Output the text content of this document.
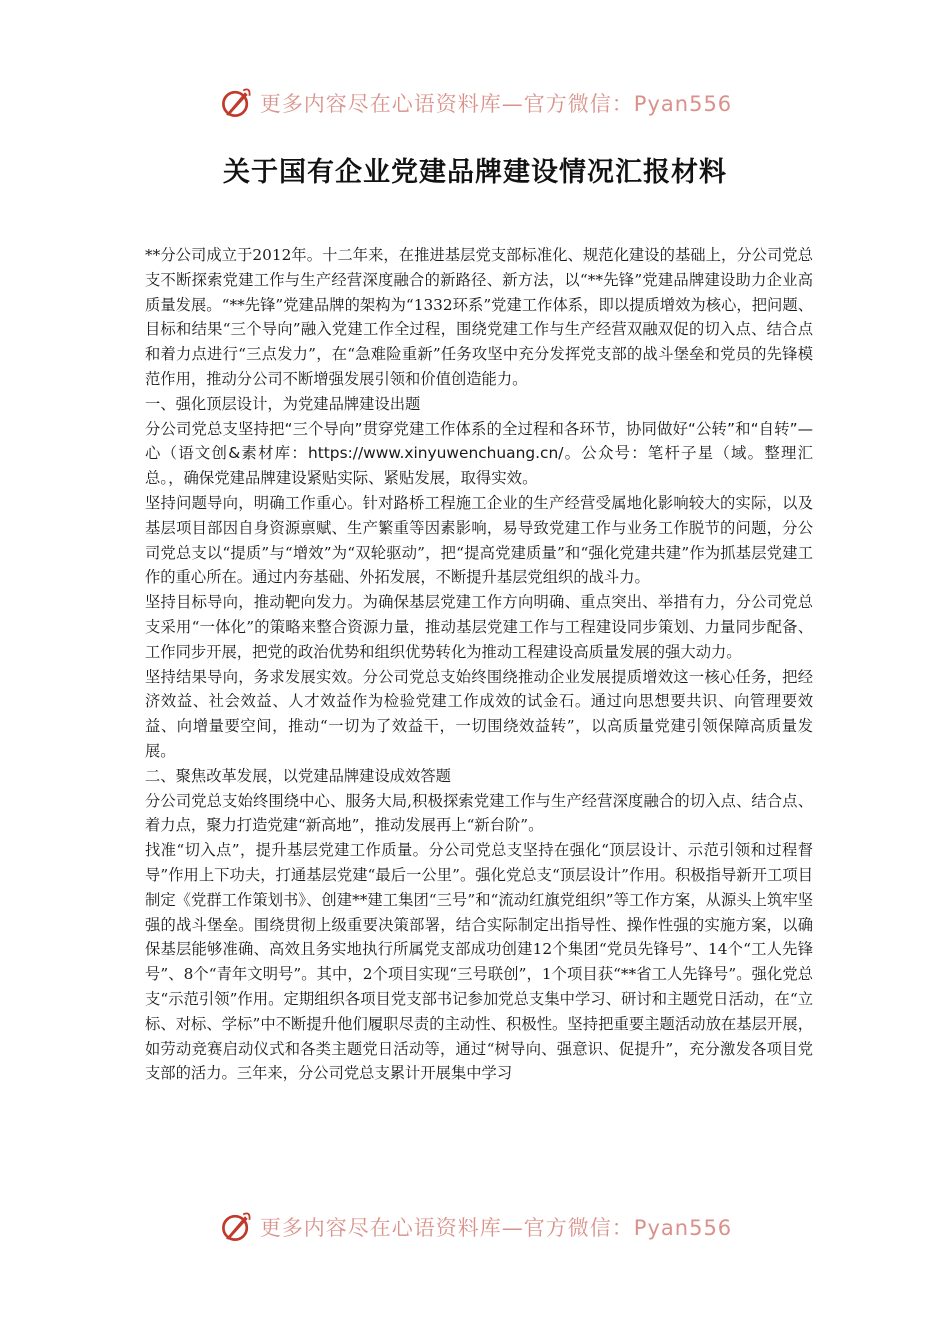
更多内容尽在心语资料库—官方微信：Pyan556
关于国有企业党建品牌建设情况汇报材料

**分公司成立于2012年。十二年来，在推进基层党支部标准化、规范化建设的基础上，分公司党总支不断探索党建工作与生产经营深度融合的新路径、新方法，以“**先锋”党建品牌建设助力企业高质量发展。“**先锋”党建品牌的架构为“1332环系”党建工作体系，即以提质增效为核心，把问题、目标和结果“三个导向”融入党建工作全过程，围绕党建工作与生产经营双融双促的切入点、结合点和着力点进行“三点发力”，在“急难险重新”任务攻坚中充分发挥党支部的战斗堡垒和党员的先锋模范作用，推动分公司不断增强发展引领和价值创造能力。

一、强化顶层设计，为党建品牌建设出题

分公司党总支坚持把“三个导向”贯穿党建工作体系的全过程和各环节，协同做好“公转”和“自转”—心（语文创&素材库：https://www.xinyuwenchuang.cn/。公众号：笔杆子星（域。整理汇总。，确保党建品牌建设紧贴实际、紧贴发展，取得实效。

坚持问题导向，明确工作重心。针对路桥工程施工企业的生产经营受属地化影响较大的实际，以及基层项目部因自身资源禀赋、生产繁重等因素影响，易导致党建工作与业务工作脱节的问题，分公司党总支以“提质”与“增效”为“双轮驱动”，把“提高党建质量”和“强化党建共建”作为抓基层党建工作的重心所在。通过内夯基础、外拓发展，不断提升基层党组织的战斗力。

坚持目标导向，推动靶向发力。为确保基层党建工作方向明确、重点突出、举措有力，分公司党总支采用“一体化”的策略来整合资源力量，推动基层党建工作与工程建设同步策划、力量同步配备、工作同步开展，把党的政治优势和组织优势转化为推动工程建设高质量发展的强大动力。

坚持结果导向，务求发展实效。分公司党总支始终围绕推动企业发展提质增效这一核心任务，把经济效益、社会效益、人才效益作为检验党建工作成效的试金石。通过向思想要共识、向管理要效益、向增量要空间，推动“一切为了效益干，一切围绕效益转”，以高质量党建引领保障高质量发展。

二、聚焦改革发展，以党建品牌建设成效答题

分公司党总支始终围绕中心、服务大局,积极探索党建工作与生产经营深度融合的切入点、结合点、着力点，聚力打造党建“新高地”，推动发展再上“新台阶”。

找准“切入点”，提升基层党建工作质量。分公司党总支坚持在强化“顶层设计、示范引领和过程督导”作用上下功夫，打通基层党建“最后一公里”。强化党总支“顶层设计”作用。积极指导新开工项目制定《党群工作策划书》、创建**建工集团“三号”和“流动红旗党组织”等工作方案，从源头上筑牢坚强的战斗堡垒。围绕贯彻上级重要决策部署，结合实际制定出指导性、操作性强的实施方案，以确保基层能够准确、高效且务实地执行所属党支部成功创建12个集团“党员先锋号”、14个“工人先锋号”、8个“青年文明号”。其中，2个项目实现“三号联创”，1个项目获“**省工人先锋号”。强化党总支“示范引领”作用。定期组织各项目党支部书记参加党总支集中学习、研讨和主题党日活动，在“立标、对标、学标”中不断提升他们履职尽责的主动性、积极性。坚持把重要主题活动放在基层开展，如劳动竞赛启动仪式和各类主题党日活动等，通过“树导向、强意识、促提升”，充分激发各项目党支部的活力。三年来，分公司党总支累计开展集中学习

更多内容尽在心语资料库—官方微信：Pyan556
